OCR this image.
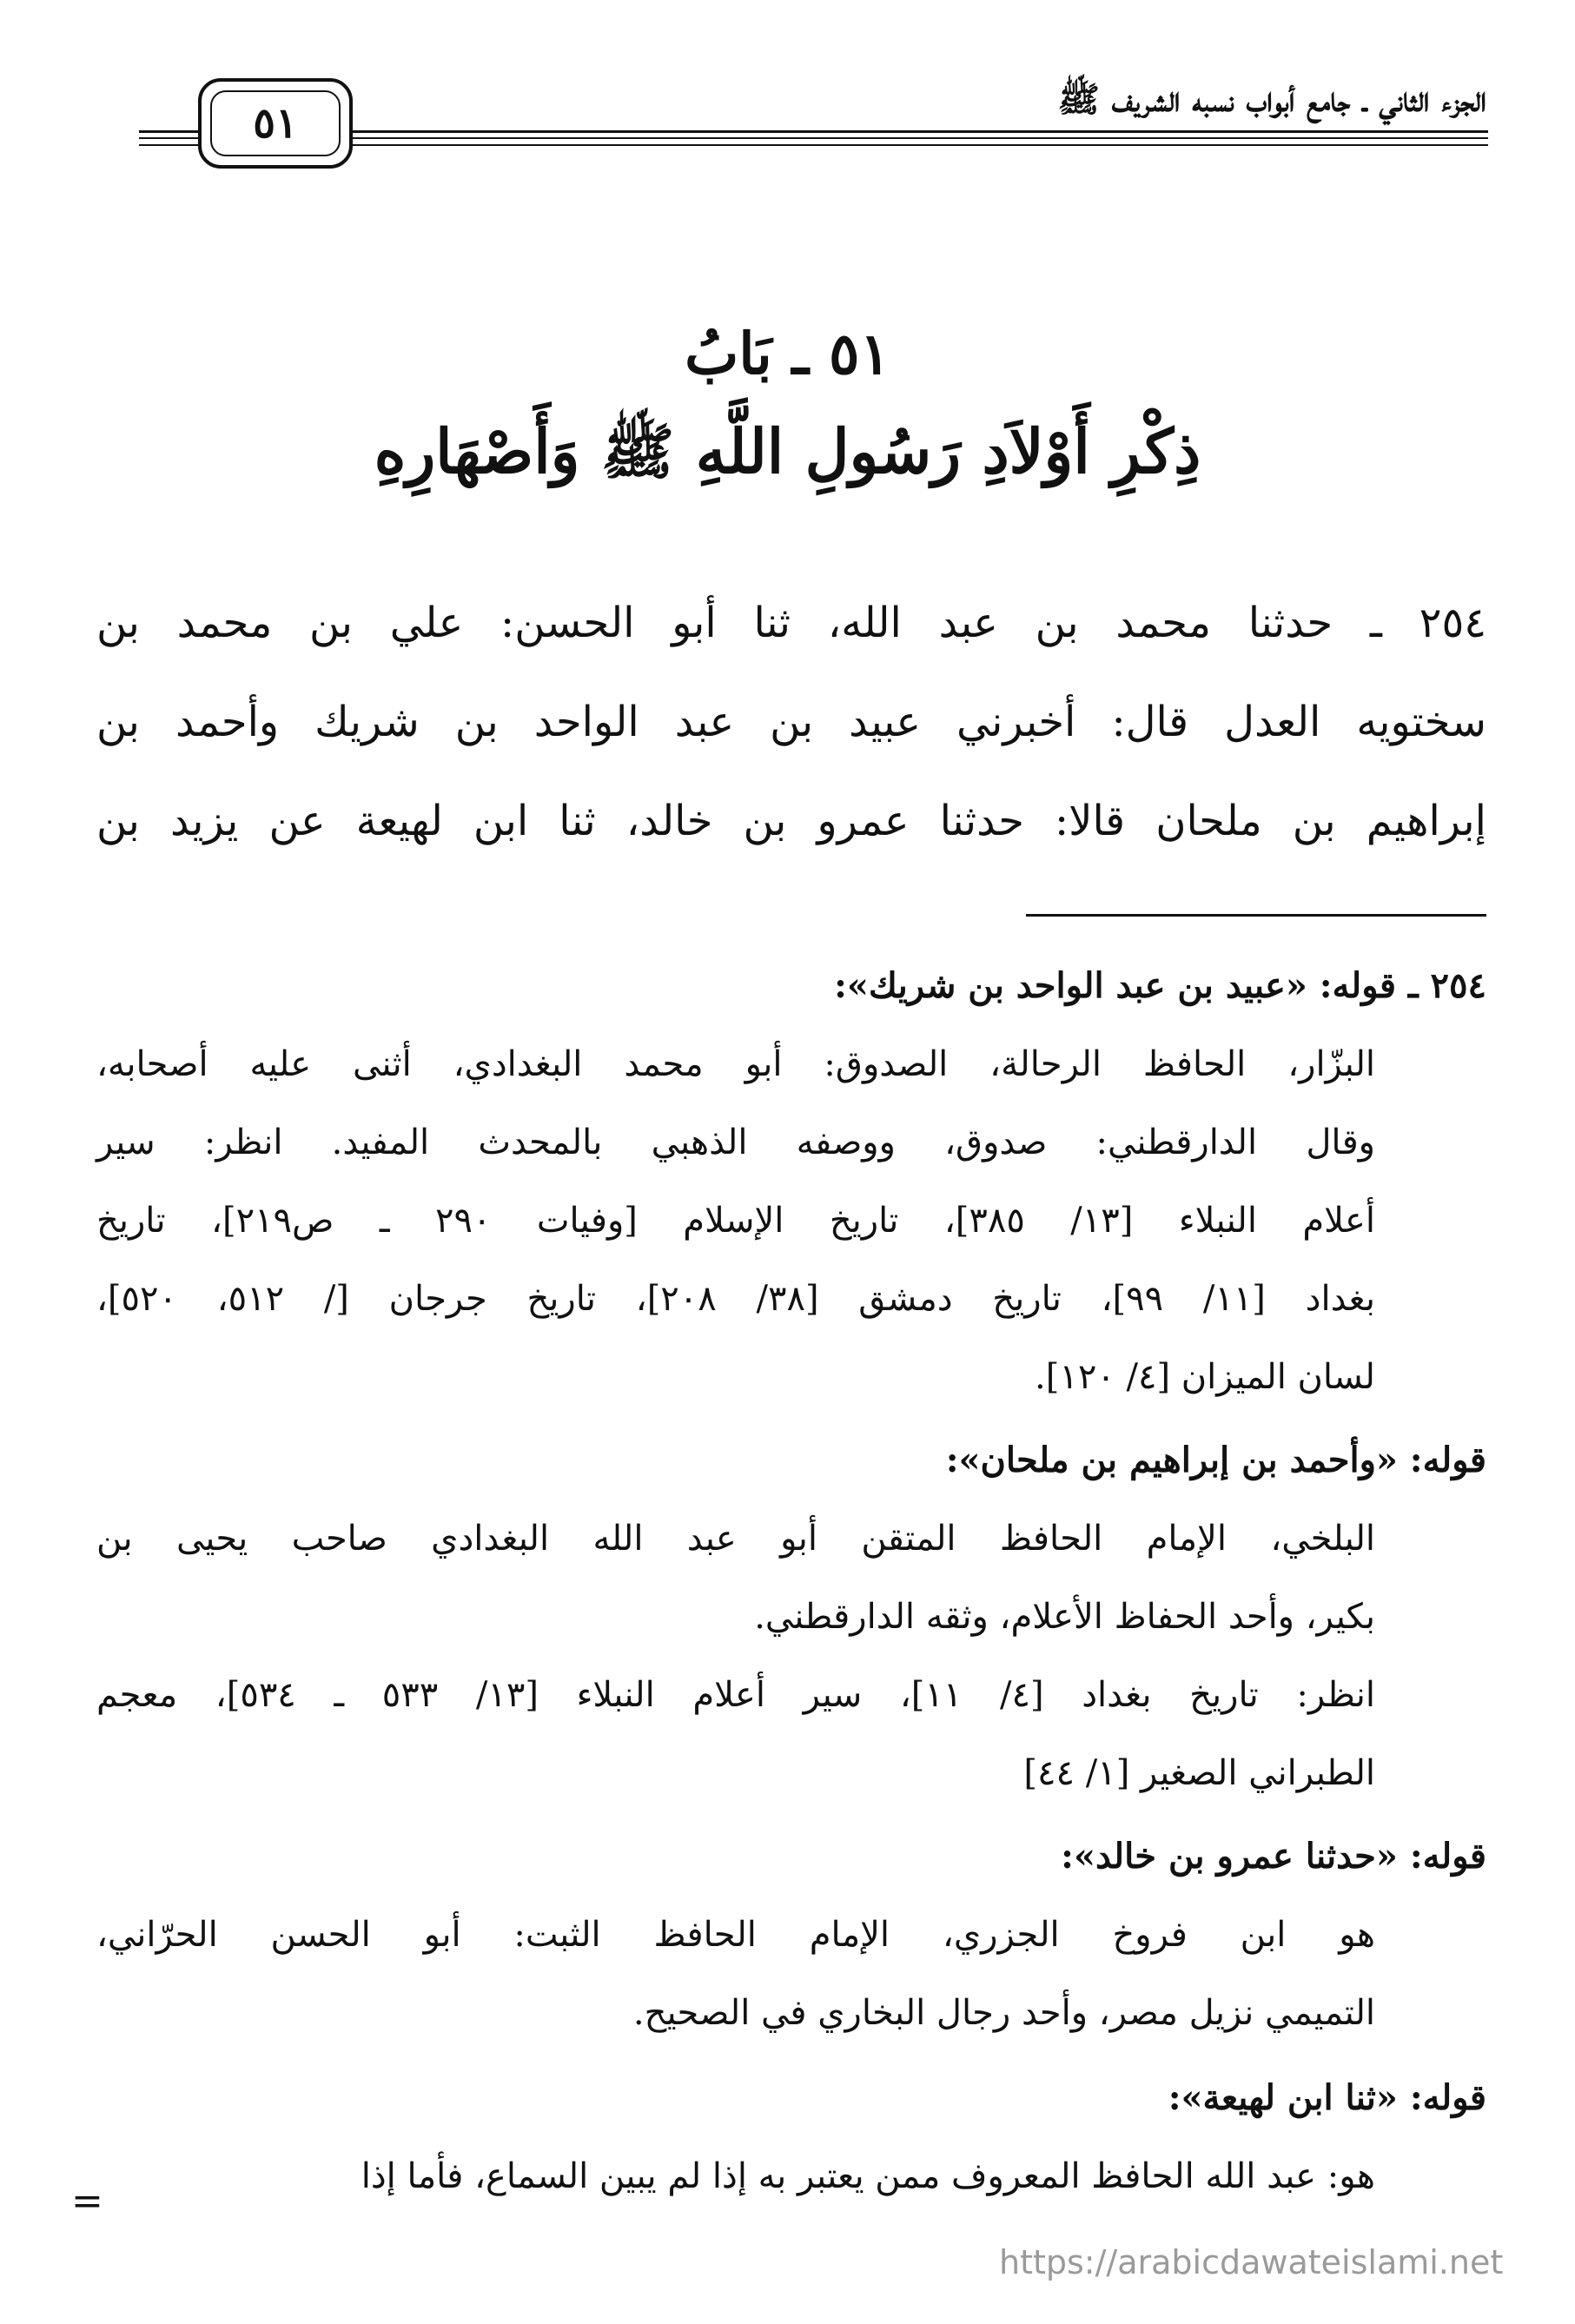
الجزء الثاني ـ جامع أبواب نسبه الشريف ﷺ
٥١
٥١ ـ بَابُ
ذِكْرِ أَوْلاَدِ رَسُولِ اللَّهِ ﷺ وَأَصْهَارِهِ
٢٥٤ ـ حدثنا محمد بن عبد الله، ثنا أبو الحسن: علي بن محمد بن
سختويه العدل قال: أخبرني عبيد بن عبد الواحد بن شريك وأحمد بن
إبراهيم بن ملحان قالا: حدثنا عمرو بن خالد، ثنا ابن لهيعة عن يزيد بن
٢٥٤ ـ قوله: «عبيد بن عبد الواحد بن شريك»:
البزّار، الحافظ الرحالة، الصدوق: أبو محمد البغدادي، أثنى عليه أصحابه،
وقال الدارقطني: صدوق، ووصفه الذهبي بالمحدث المفيد. انظر: سير
أعلام النبلاء [١٣/ ٣٨٥]، تاريخ الإسلام [وفيات ٢٩٠ ـ ص٢١٩]، تاريخ
بغداد [١١/ ٩٩]، تاريخ دمشق [٣٨/ ٢٠٨]، تاريخ جرجان [/ ٥١٢، ٥٢٠]،
لسان الميزان [٤/ ١٢٠].
قوله: «وأحمد بن إبراهيم بن ملحان»:
البلخي، الإمام الحافظ المتقن أبو عبد الله البغدادي صاحب يحيى بن
بكير، وأحد الحفاظ الأعلام، وثقه الدارقطني.
انظر: تاريخ بغداد [٤/ ١١]، سير أعلام النبلاء [١٣/ ٥٣٣ ـ ٥٣٤]، معجم
الطبراني الصغير [١/ ٤٤]
قوله: «حدثنا عمرو بن خالد»:
هو ابن فروخ الجزري، الإمام الحافظ الثبت: أبو الحسن الحرّاني،
التميمي نزيل مصر، وأحد رجال البخاري في الصحيح.
قوله: «ثنا ابن لهيعة»:
هو: عبد الله الحافظ المعروف ممن يعتبر به إذا لم يبين السماع، فأما إذا
=
https://arabicdawateislami.net
